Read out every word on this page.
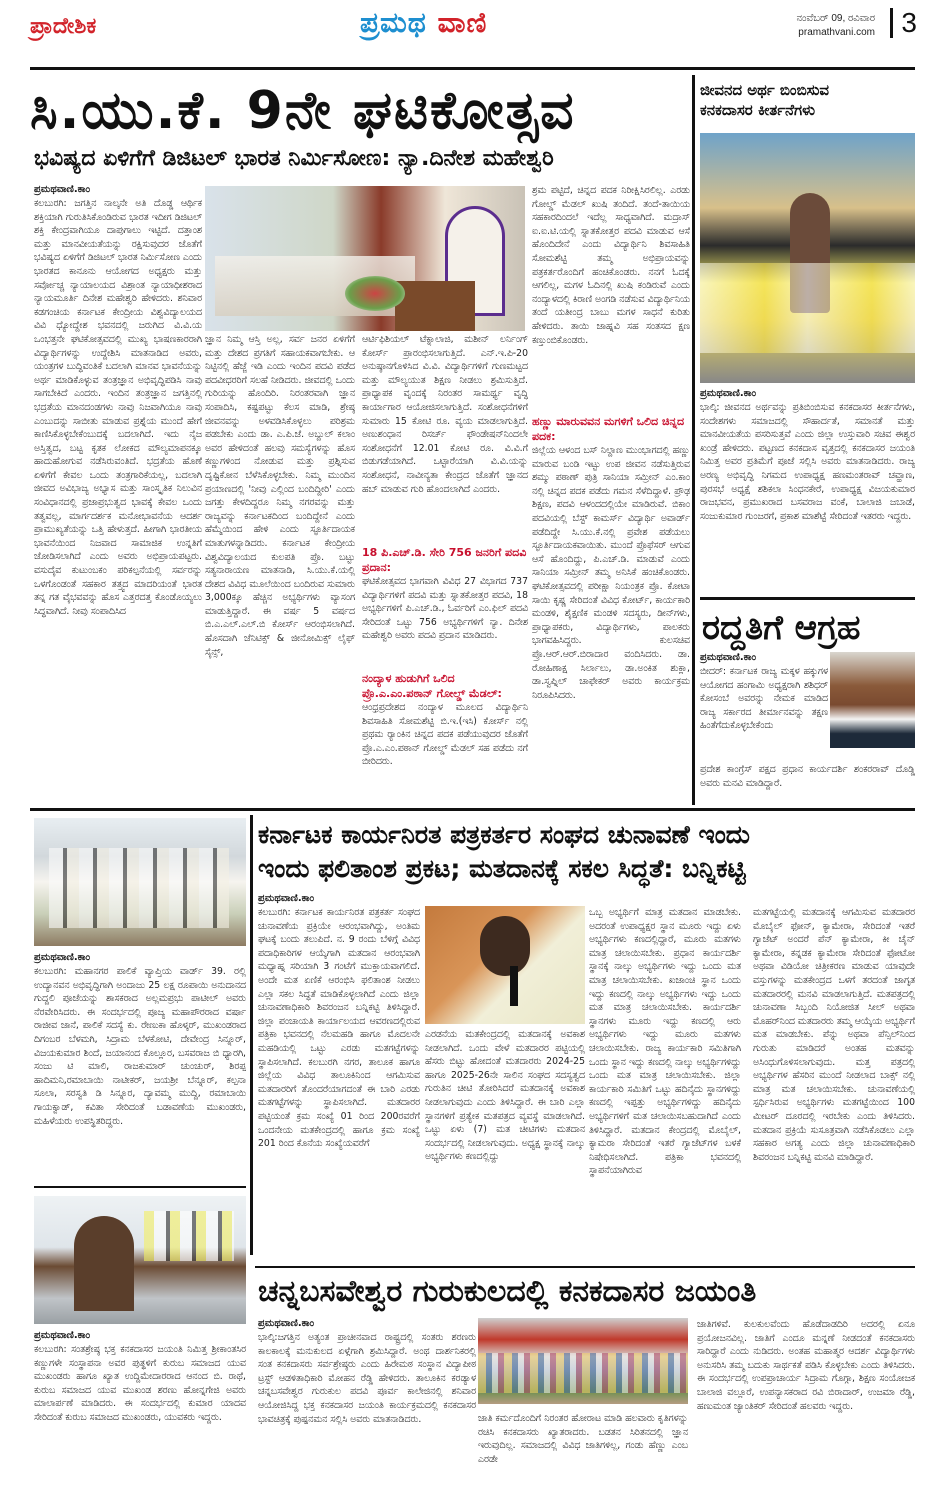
ಪ್ರಾದೇಶಿಕ	ಪ್ರಮಥ ವಾಣಿ	ನಂವೆಬರ್ 09, ರವಿವಾರ
pramathvani.com 3
ಸಿ.ಯು.ಕೆ. 9ನೇ ಘಟಿಕೋತ್ಸವ
ಭವಿಷ್ಯದ ಏಳಿಗೆಗೆ ಡಿಜಿಟಲ್ ಭಾರತ ನಿರ್ಮಿಸೋಣ: ನ್ಯಾ.ದಿನೇಶ ಮಹೇಶ್ವರಿ
ಪ್ರಮಥವಾಣಿ.ಕಾಂ
ಕಲಬುರಗಿ: ಜಗತ್ತಿನ ನಾಲ್ಕನೇ ಅತಿ ದೊಡ್ಡ ಆರ್ಥಿಕ ಶಕ್ತಿಯಾಗಿ ಗುರುತಿಸಿಕೊಂಡಿರುವ ಭಾರತ ಇದೀಗ ಡಿಜಿಟಲ್ ಶಕ್ತಿ ಕೇಂದ್ರವಾಗಿಯೂ ದಾಪುಗಾಲು ಇಟ್ಟಿದೆ. ದತ್ತಾಂಶ ಮತ್ತು ಮಾನವೀಯತೆಯನ್ನು ರಕ್ಷಿಸುವುದರ ಜೊತೆಗೆ ಭವಿಷ್ಯದ ಏಳಿಗೆಗೆ ಡಿಜಿಟಲ್ ಭಾರತ ನಿರ್ಮಿಸೋಣ ಎಂದು ಭಾರತದ ಕಾನೂನು ಆಯೋಗದ ಅಧ್ಯಕ್ಷರು ಮತ್ತು ಸರ್ವೋಚ್ಚ ನ್ಯಾಯಾಲಯದ ವಿಶ್ರಾಂತ ನ್ಯಾಯಾಧೀಶರಾದ ನ್ಯಾಯಮೂರ್ತಿ ದಿನೇಶ ಮಹೇಶ್ವರಿ ಹೇಳಿದರು. ಶನಿವಾರ ಕಡಗಂಚಿಯ ಕರ್ನಾಟಕ ಕೇಂದ್ರೀಯ ವಿಶ್ವವಿದ್ಯಾಲಯದ ವಿವಿ ಧ್ಯೋದ್ದೇಶ ಭವನದಲ್ಲಿ ಜರುಗಿದ ವಿ.ವಿ.ಯ ಒಂಭತ್ತನೇ ಘಟಿಕೋತ್ಸವದಲ್ಲಿ ಮುಖ್ಯ ಭಾಷಣಕಾರರಾಗಿ ವಿದ್ಯಾರ್ಥಿಗಳನ್ನು ಉದ್ದೇಶಿಸಿ ಮಾತನಾಡಿದ ಅವರು, ಯಂತ್ರಗಳ ಬುದ್ಧಿವಂತಿಕೆ ಬದಲಾಗಿ ಮಾನವ ಭಾವನೆಯನ್ನು ಅರ್ಥ ಮಾಡಿಕೊಳ್ಳುವ ತಂತ್ರಜ್ಞಾನ ಅಭಿವೃದ್ಧಿಪಡಿಸಿ ನಾವು ಸಾಗಬೇಕಿದೆ ಎಂದರು. ಇಂದಿನ ತಂತ್ರಜ್ಞಾನ ಜಗತ್ತಿನಲ್ಲಿ ಭದ್ರತೆಯ ಮಾನದಂಡಗಳು ನಾವು ನಿಜವಾಗಿಯೂ ನಾವು ಎಂಬುದನ್ನು ಸಾಬೀತು ಮಾಡುವ ಪ್ರಶ್ನೆಯ ಮುಂದೆ ಹೇಗೆ ಕಾಣಿಸಿಕೊಳ್ಳಬೇಕೆಂಬುದಕ್ಕೆ ಬದಲಾಗಿದೆ. ಇದು ನೈಜ ಅಸ್ತಿತ್ವದ, ಬಟ್ಟ ಕೃತಕ ಲೋಕದ ಮೌಲ್ಯಮಾಪನಕ್ಕೂ ಹಾದುಹೋಗುವ ನಡೆಸಿರುವಂತಿದೆ. ಭದ್ರತೆಯ ಹೊಣೆ ಏಳಿಗೆಗೆ ಕೇವಲ ಒಂದು ತಂತ್ರಗಾರಿಕೆಯಲ್ಲ, ಬದಲಾಗಿ ಜೀವದ ಅವಿಭಾಜ್ಯ ಅಭ್ಯಾಸ ಮತ್ತು ಸಾಂಸ್ಕೃತಿಕ ನಿಲುವಿನ ಸಂವಿಧಾನದಲ್ಲಿ ಪ್ರಜಾಪ್ರಭುತ್ವದ ಭಾವಕ್ಕೆ ಕೇವಲ ಒಂದು ತತ್ವವಲ್ಲ, ಮಾರ್ಗದರ್ಶಕ ಮನೋಭಾವನೆಯ ಆದರ್ಶ ಪ್ರಾಮುಖ್ಯತೆಯನ್ನು ಒತ್ತಿ ಹೇಳುತ್ತದೆ. ಹೀಗಾಗಿ ಭಾರತೀಯ ಭಾವನೆಯಿಂದ ನಿಜವಾದ ಸಾಮಾಜಿಕ ಉನ್ನತಿಗೆ ಜೋಡಿಸಲಾಗಿದೆ ಎಂದು ಅವರು ಅಭಿಪ್ರಾಯಪಟ್ಟರು. ವಸುದೈವ ಕುಟುಂಬಕಂ ಪರಿಕಲ್ಪನೆಯಲ್ಲಿ ಸರ್ವರನ್ನು ಒಳಗೊಂಡಂತೆ ಸಹಕಾರ ತತ್ತ್ವದ ಮಾದರಿಯಂತೆ ಭಾರತ ತನ್ನ ಗತ ವೈಭವವನ್ನು ಹೊಸ ಎತ್ತರದತ್ತ ಕೊಂಡೊಯ್ಯಲು ಸಿದ್ಧವಾಗಿದೆ. ನೀವು ಸಂಪಾದಿಸಿದ
ಜ್ಞಾನ ನಿಮ್ಮ ಆಸ್ತಿ ಅಲ್ಲ, ಸರ್ವ ಜನರ ಏಳಿಗೆಗೆ ಮತ್ತು ದೇಶದ ಪ್ರಗತಿಗೆ ಸಹಾಯಕವಾಗಬೇಕು. ಆ ನಿಟ್ಟಿನಲ್ಲಿ ಹೆಜ್ಜೆ ಇಡಿ ಎಂದು ಇಂದಿನ ಪದವಿ ಪಡೆದ ಪದವೀಧರರಿಗೆ ಸಲಹೆ ನೀಡಿದರು. ಜೀವದಲ್ಲಿ ಒಂದು ಗುರಿಯನ್ನು ಹೊಂದಿರಿ. ನಿರಂತರವಾಗಿ ಜ್ಞಾನ ಸಂಪಾದಿಸಿ, ಕಷ್ಟಪಟ್ಟು ಕೆಲಸ ಮಾಡಿ, ಶ್ರೇಷ್ಠ ಜೀವನವನ್ನು ಅಳವಡಿಸಿಕೊಳ್ಳಲು ಪರಿಶ್ರಮ ಪಡಬೇಕು ಎಂದು ಡಾ. ಎ.ಪಿ.ಜೆ. ಅಬ್ದುಲ್ ಕಲಾಂ ಅವರ ಹೇಳಿದಂತೆ ಹಲವು ಸಮಸ್ಯೆಗಳನ್ನು ಹೊಸ ಕಣ್ಣುಗಳಿಂದ ನೋಡುವ ಮತ್ತು ಪ್ರಶ್ನಿಸುವ ದೃಷ್ಟಿಕೋನ ಬೆಳೆಸಿಕೊಳ್ಳಬೇಕು. ನಿಮ್ಮ ಮುಂದಿನ ಪ್ರಯಾಣದಲ್ಲಿ 'ನೀವು ಎಲ್ಲಿಂದ ಬಂದಿದ್ದೀರಿ' ಎಂದು ಜಗತ್ತು ಕೇಳದಿದ್ದರೂ ನಿಮ್ಮ ನಗರವನ್ನು ಮತ್ತು ರಾಜ್ಯವನ್ನು ಕರ್ನಾಟಕದಿಂದ ಬಂದಿದ್ದೇನೆ ಎಂದು ಹೆಮ್ಮೆಯಿಂದ ಹೇಳಿ ಎಂದು ಸ್ಫೂರ್ತಿದಾಯಕ ಮಾತುಗಳನ್ನಾಡಿದರು. ಕರ್ನಾಟಕ ಕೇಂದ್ರೀಯ ವಿಶ್ವವಿದ್ಯಾಲಯದ ಕುಲಪತಿ ಪ್ರೊ. ಬಟ್ಟು ಸತ್ಯನಾರಾಯಣ ಮಾತನಾಡಿ, ಸಿ.ಯು.ಕೆ.ಯಲ್ಲಿ ದೇಶದ ವಿವಿಧ ಮೂಲೆಯಿಂದ ಬಂದಿರುವ ಸುಮಾರು 3,000ಕ್ಕೂ ಹೆಚ್ಚಿನ ಅಭ್ಯರ್ಥಿಗಳು ವ್ಯಾಸಂಗ ಮಾಡುತ್ತಿದ್ದಾರೆ. ಈ ವರ್ಷ 5 ವರ್ಷದ ಬಿ.ಎ.ಎಲ್.ಎಲ್.ಬಿ ಕೋರ್ಸ್ ಆರಂಭಿಸಲಾಗಿದೆ. ಹೊಸದಾಗಿ ಜೆನಿಟಿಕ್ಸ್ & ಜೀನೋಮಿಕ್ಸ್ ಲೈಫ್ ಸೈನ್ಸ್,
ಆರ್ಟಿಫಿಶಿಯಲ್ ಟೆಕ್ನಾಲಾಜಿ, ಮಶೀನ್ ಲರ್ನಿಂಗ್ ಕೋರ್ಸ್ ಪ್ರಾರಂಭಿಸಲಾಗುತ್ತಿದೆ. ಎನ್.ಇ.ಪಿ-20 ಅನುಷ್ಠಾನಗೊಳಿಸಿದ ವಿ.ವಿ. ವಿದ್ಯಾರ್ಥಿಗಳಿಗೆ ಗುಣಮಟ್ಟದ ಮತ್ತು ಮೌಲ್ಯಯುತ ಶಿಕ್ಷಣ ನೀಡಲು ಶ್ರಮಿಸುತ್ತಿದೆ. ಪ್ರಾಧ್ಯಾಪಕ ವೃಂದಕ್ಕೆ ನಿರಂತರ ಸಾಮರ್ಥ್ಯ ವೃದ್ಧಿ ಕಾರ್ಯಾಗಾರ ಆಯೋಜಿಸಲಾಗುತ್ತಿದೆ. ಸಂಶೋಧನೆಗಳಿಗೆ ಸುಮಾರು 15 ಕೋಟಿ ರೂ. ವ್ಯಯ ಮಾಡಲಾಗುತ್ತಿದೆ. ಅಣುಶಂಧಾನ ರಿಸರ್ಚ್ ಫೌಂಡೇಷನ್‌ನಿಂದಲೇ ಸಂಶೋಧನೆಗೆ 12.01 ಕೋಟಿ ರೂ. ವಿ.ವಿ.ಗೆ ಬಿಡುಗಡೆಯಾಗಿದೆ. ಒಟ್ಟಾರೆಯಾಗಿ ವಿ.ವಿ.ಯನ್ನು ಸಂಶೋಧನೆ, ನಾವೀನ್ಯತಾ ಕೇಂದ್ರದ ಜೊತೆಗೆ ಜ್ಞಾನದ ಹಬ್ ಮಾಡುವ ಗುರಿ ಹೊಂದಲಾಗಿದೆ ಎಂದರು.
18 ಪಿ.ಎಚ್.ಡಿ. ಸೇರಿ 756 ಜನರಿಗೆ ಪದವಿ ಪ್ರದಾನ:
ಘಟಿಕೋತ್ಸವದ ಭಾಗವಾಗಿ ವಿವಿಧ 27 ವಿಭಾಗದ 737 ವಿದ್ಯಾರ್ಥಿಗಳಿಗೆ ಪದವಿ ಮತ್ತು ಸ್ನಾತಕೋತ್ತರ ಪದವಿ, 18 ಅಭ್ಯರ್ಥಿಗಳಿಗೆ ಪಿ.ಎಚ್.ಡಿ., ಓರ್ವರಿಗೆ ಎಂ.ಫಿಲ್ ಪದವಿ ಸೇರಿದಂತೆ ಒಟ್ಟು 756 ಅಭ್ಯರ್ಥಿಗಳಿಗೆ ನ್ಯಾ. ದಿನೇಶ ಮಹೇಶ್ವರಿ ಅವರು ಪದವಿ ಪ್ರದಾನ ಮಾಡಿದರು.
ನಂದ್ಯಾಳ ಹುಡುಗಿಗೆ ಒಲಿದ ಪ್ರೊ.ಎ.ಎಂ.ಪಠಾನ್ ಗೋಲ್ಡ್ ಮೆಡಲ್:
ಆಂಧ್ರಪ್ರದೇಶದ ನಂದ್ಯಾಳ ಮೂಲದ ವಿದ್ಯಾರ್ಥಿನಿ ಶಿವಸಾಹಿತಿ ಸೋಮಶೆಟ್ಟಿ ಬಿ.ಇ.(ಇಸಿ) ಕೋರ್ಸ್ ನಲ್ಲಿ ಪ್ರಥಮ ರ್‍ಯಾಂಕಿನ ಚಿನ್ನದ ಪದಕ ಪಡೆಯುವುದರ ಜೊತೆಗೆ ಪ್ರೊ.ಎ.ಎಂ.ಪಠಾನ್ ಗೋಲ್ಡ್ ಮೆಡಲ್ ಸಹ ಪಡೆದು ನಗೆ ಬೀರಿದರು.
ಶ್ರಮ ಪಟ್ಟಿದೆ, ಚಿನ್ನದ ಪದಕ ನಿರೀಕ್ಷಿಸಿರಲಿಲ್ಲ. ಎರಡು ಗೋಲ್ಡ್ ಮೆಡಲ್ ಖುಷಿ ತಂದಿದೆ. ತಂದೆ-ತಾಯಿಯ ಸಹಕಾರದಿಂದಲೆ ಇದೆಲ್ಲ ಸಾಧ್ಯವಾಗಿದೆ. ಮದ್ರಾಸ್ ಐ.ಐ.ಟಿ.ಯಲ್ಲಿ ಸ್ನಾತಕೋತ್ತರ ಪದವಿ ಮಾಡುವ ಆಸೆ ಹೊಂದಿದೇನೆ ಎಂದು ವಿದ್ಯಾರ್ಥಿನಿ ಶಿವಸಾಹಿತಿ ಸೋಮಶೆಟ್ಟಿ ತಮ್ಮ ಅಭಿಪ್ರಾಯವನ್ನು ಪತ್ರಕರ್ತರೊಂದಿಗೆ ಹಂಚಿಕೊಂಡರು. ನನಗೆ ಓದಕ್ಕೆ ಆಗಲಿಲ್ಲ, ಮಗಳ ಓದಿನಲ್ಲಿ ಖುಷಿ ಕಂಡಿರುವೆ ಎಂದು ನಂದ್ಯಾಳದಲ್ಲಿ ಕಿರಾಣಿ ಅಂಗಡಿ ನಡೆಸುವ ವಿದ್ಯಾರ್ಥಿನಿಯ ತಂದೆ ಯತೀಂದ್ರ ಬಾಬು ಮಗಳ ಸಾಧನೆ ಕುರಿತು ಹೇಳಿದರು. ತಾಯಿ ಜಾಹ್ನವಿ ಸಹ ಸಂತಸದ ಕ್ಷಣ ಕಣ್ತುಂಬಿಕೊಂಡರು.
ಹಣ್ಣು ಮಾರುವವನ ಮಗಳಿಗೆ ಒಲಿದ ಚಿನ್ನದ ಪದಕ:
ಜಿಲ್ಲೆಯ ಆಳಂದ ಬಸ್ ನಿಲ್ದಾಣ ಮುಂಭಾಗದಲ್ಲಿ ಹಣ್ಣು ಮಾರುವ ಬಂಡಿ ಇಟ್ಟು ಉಪ ಜೀವನ ನಡೆಸುತ್ತಿರುವ ಶಮ್ಮು ಪಠಾಣ್ ಪುತ್ರಿ ಸಾನಿಯಾ ಸಮ್ರೀನ್ ಎಂ.ಕಾಂ ನಲ್ಲಿ ಚಿನ್ನದ ಪದಕ ಪಡೆದು ಗಮನ ಸೆಳೆದಿದ್ದಾಳೆ. ಪ್ರೌಢ ಶಿಕ್ಷಣ, ಪದವಿ ಆಳಂದದಲ್ಲಿಯೇ ಮಾಡಿರುವೆ. ಬಿಕಾಂ ಪದವಿಯಲ್ಲಿ ಬೆಸ್ಟ್ ಕಾಮರ್ಸ್ ವಿದ್ಯಾರ್ಥಿ ಅವಾರ್ಡ್ ಪಡೆದಿದ್ದೇ ಸಿ.ಯು.ಕೆ.ನಲ್ಲಿ ಪ್ರವೇಶ ಪಡೆಯಲು ಸ್ಫೂರ್ತಿದಾಯಕವಾಯಿತು. ಮುಂದೆ ಪ್ರೊಫೆಸರ್ ಆಗುವ ಆಸೆ ಹೊಂದಿದ್ದು, ಪಿ.ಎಚ್.ಡಿ. ಮಾಡುವೆ ಎಂದು ಸಾನಿಯಾ ಸಮ್ರೀನ್ ತಮ್ಮ ಅನಿಸಿಕೆ ಹಂಚಿಕೊಂಡರು. ಘಟಿಕೋತ್ಸವದಲ್ಲಿ ಪರೀಕ್ಷಾ ನಿಯಂತ್ರಕ ಪ್ರೊ. ಕೋಟಾ ಸಾಯಿ ಕೃಷ್ಣ ಸೇರಿದಂತೆ ವಿವಿಧ ಕೋರ್ಟ್, ಕಾರ್ಯಕಾರಿ ಮಂಡಳಿ, ಶೈಕ್ಷಣಿಕ ಮಂಡಳಿ ಸದಸ್ಯರು, ಡೀನ್‌ಗಳು, ಪ್ರಾಧ್ಯಾಪಕರು, ವಿದ್ಯಾರ್ಥಿಗಳು, ಪಾಲಕರು ಭಾಗವಹಿಸಿದ್ದರು. ಕುಲಸಚಿವ ಪ್ರೊ.ಆರ್.ಆರ್.ಬಿರಾದಾರ ವಂದಿಸಿದರು. ಡಾ. ರೋಹಿಣಾಕ್ಷ ಸಿರ್ಲಾಲು, ಡಾ.ಅಂಕಿತ ಶುಕ್ಲಾ, ಡಾ.ಸ್ವಪ್ನಿಲ್ ಚಾಫೇಕರ್ ಅವರು ಕಾರ್ಯಕ್ರಮ ನಿರೂಪಿಸಿದರು.
ಜೀವನದ ಅರ್ಥ ಬಿಂಬಿಸುವ
ಕನಕದಾಸರ ಕೀರ್ತನೆಗಳು
ಪ್ರಮಥವಾಣಿ.ಕಾಂ
ಭಾಲ್ಕಿ: ಜೀವನದ ಅರ್ಥವನ್ನು ಪ್ರತಿಬಿಂಬಿಸುವ ಕನಕದಾಸರ ಕೀರ್ತನೆಗಳು, ಸಂದೇಶಗಳು ಸಮಾಜದಲ್ಲಿ ಸೌಹಾರ್ದತೆ, ಸಮಾನತೆ ಮತ್ತು ಮಾನವೀಯತೆಯ ಪಸರಿಸುತ್ತವೆ ಎಂದು ಜಿಲ್ಲಾ ಉಸ್ತುವಾರಿ ಸಚಿವ ಈಶ್ವರ ಖಂಡ್ರೆ ಹೇಳಿದರು. ಪಟ್ಟಣದ ಕನಕದಾಸ ವೃತ್ತದಲ್ಲಿ ಕನಕದಾಸರ ಜಯಂತಿ ನಿಮಿತ್ತ ಅವರ ಪ್ರತಿಮೆಗೆ ಪೂಜೆ ಸಲ್ಲಿಸಿ ಅವರು ಮಾತನಾಡಿದರು. ರಾಜ್ಯ ಅರಣ್ಯ ಅಭಿವೃದ್ಧಿ ನಿಗಮದ ಉಪಾಧ್ಯಕ್ಷ ಹಣಮಂತರಾವ್ ಚವ್ಹಾಣ, ಪುರಸಭೆ ಅಧ್ಯಕ್ಷೆ ಶಶಿಕಲಾ ಸಿಂಧನಕೇರೆ, ಉಪಾಧ್ಯಕ್ಷ ವಿಜಯಕುಮಾರ ರಾಜಭವನ, ಪ್ರಮುಖರಾದ ಬಸವರಾಜ ವಂಕೆ, ಬಾಲಾಜಿ ಜಬಾಡೆ, ಸಂಜುಕುಮಾರ ಗುಂಜರಗೆ, ಪ್ರಕಾಶ ಮಾಶೆಟ್ಟೆ ಸೇರಿದಂತೆ ಇತರರು ಇದ್ದರು.
ರದ್ದತಿಗೆ ಆಗ್ರಹ
ಪ್ರಮಥವಾಣಿ.ಕಾಂ
ಬೀದರ್: ಕರ್ನಾಟಕ ರಾಜ್ಯ ಮಕ್ಕಳ ಹಕ್ಕುಗಳ ಆಯೋಗದ ಹಂಗಾಮಿ ಅಧ್ಯಕ್ಷರಾಗಿ ಶಶಿಧರ್ ಕೋಸಂಬೆ ಅವರನ್ನು ನೇಮಕ ಮಾಡಿದ ರಾಜ್ಯ ಸರ್ಕಾರದ ತೀರ್ಮಾನವನ್ನು ತಕ್ಷಣ ಹಿಂತೆಗೆದುಕೊಳ್ಳಬೇಕೆಂದು
ಪ್ರದೇಶ ಕಾಂಗ್ರೆಸ್ ಪಕ್ಷದ ಪ್ರಧಾನ ಕಾರ್ಯದರ್ಶಿ ಶಂಕರರಾವ್ ದೊಡ್ಡಿ ಅವರು ಮನವಿ ಮಾಡಿದ್ದಾರೆ.
ಪ್ರಮಥವಾಣಿ.ಕಾಂ
ಕಲಬುರಗಿ: ಮಹಾನಗರ ಪಾಲಿಕೆ ವ್ಯಾಪ್ತಿಯ ವಾರ್ಡ್ 39. ರಲ್ಲಿ ಉದ್ಯಾನವನ ಅಭಿವೃದ್ಧಿಗಾಗಿ ಅಂದಾಜು 25 ಲಕ್ಷ ರೂಪಾಯಿ ಅನುದಾನದ ಗುದ್ದಲಿ ಪೂಜೆಯನ್ನು ಶಾಸಕರಾದ ಅಲ್ಲಮಪ್ರಭು ಪಾಟೀಲ್ ಅವರು ನೆರವೇರಿಸಿದರು. ಈ ಸಂದರ್ಭದಲ್ಲಿ ಪೂಜ್ಯ ಮಹಾಪೌರರಾದ ವರ್ಷಾ ರಾಜೀವ ಜಾನೆ, ಪಾಲಿಕೆ ಸದಸ್ಯೆ ಕು. ರೇಣುಕಾ ಹೊಳ್ಕರ್, ಮುಖಂಡರಾದ ದಿಗಂಬರ ಬೆಳಮಗಿ, ಸಿದ್ರಾಮ ಬೆಳಕೋಟಿ, ದೇವೇಂದ್ರ ಸಿನ್ನೂರ್, ವಿಜಯಕುಮಾರ ಶಿಂದೆ, ಜಯಾನಂದ ಕೊಲ್ಲೂರ, ಬಸವರಾಜ ಬಿ ಧ್ಯಾರಗಿ, ಸಂಜು ಟಿ ಮಾಲಿ, ರಾಜಕುಮಾರ್ ಚುಂಚುರ್, ಶಿರಪ್ಪ ಹಾದಿಮನಿ,ರಮಾಬಾಯಿ ನಾಟೀಕರ್, ಜಯಶ್ರೀ ಬೆನ್ನೂರ್, ಕಲ್ಪನಾ ಸೂಲಾ, ಸರಸ್ವತಿ ಡಿ ಸಿನ್ನೂರ, ದ್ಯಾವಮ್ಮ ಮುದ್ದಿ, ರಮಾಬಾಯಿ ಗಾಯಕ್ವಾಡ್, ಕವಿತಾ ಸೇರಿದಂತೆ ಬಡಾವಣೆಯ ಮುಖಂಡರು, ಮಹಿಳೆಯರು ಉಪಸ್ಥಿತರಿದ್ದರು.
ಪ್ರಮಥವಾಣಿ.ಕಾಂ
ಕಲಬುರಗಿ: ಸಂತಶ್ರೇಷ್ಠ ಭಕ್ತ ಕನಕದಾಸರ ಜಯಂತಿ ನಿಮಿತ್ತ ಶ್ರೀಕಾಂತಸಿರ ಕಣ್ಣುಗಳೇ ಸಂಸ್ಥಾಪನಾ ಅವರ ಪುತ್ಥಳಿಗೆ ಕುರುಬ ಸಮಾಜದ ಯುವ ಮುಖಂಡರು ಹಾಗೂ ಖ್ಯಾತ ಉದ್ದಿಮೇದಾರರಾದ ಆನಂದ ಬಿ. ರಾಥೆ, ಕುರುಬ ಸಮಾಜದ ಯುವ ಮುಖಂಡ ಶರಣು ಹೋನ್ನಗೇಜಿ ಅವರು ಮಾಲಾರ್ಪಣೆ ಮಾಡಿದರು. ಈ ಸಂದರ್ಭದಲ್ಲಿ ಕುಮಾರ ಯಾದವ ಸೇರಿದಂತೆ ಕುರುಬ ಸಮಾಜದ ಮುಖಂಡರು, ಯುವಕರು ಇದ್ದರು.
ಕರ್ನಾಟಕ ಕಾರ್ಯನಿರತ ಪತ್ರಕರ್ತರ ಸಂಘದ ಚುನಾವಣೆ ಇಂದು
ಇಂದು ಫಲಿತಾಂಶ ಪ್ರಕಟ; ಮತದಾನಕ್ಕೆ ಸಕಲ ಸಿದ್ಧತೆ: ಬನ್ನಿಕಟ್ಟಿ
ಪ್ರಮಥವಾಣಿ.ಕಾಂ
ಕಲಬುರಗಿ: ಕರ್ನಾಟಕ ಕಾರ್ಯನಿರತ ಪತ್ರಕರ್ತ ಸಂಘದ ಚುನಾವಣೆಯ ಪ್ರಕ್ರಿಯೇ ಆರಂಭವಾಗಿದ್ದು, ಅಂತಿಮ ಘಟಕ್ಕೆ ಬಂದು ತಲುಪಿದೆ. ನ. 9 ರಂದು ಬೆಳಿಗ್ಗೆ ವಿವಿಧ ಪದಾಧಿಕಾರಿಗಳ ಆಯ್ಕೆಗಾಗಿ ಮತದಾನ ಆರಂಭವಾಗಿ ಮಧ್ಯಾಹ್ನ ಸರಿಯಾಗಿ 3 ಗಂಟೆಗೆ ಮುಕ್ತಾಯವಾಗಲಿದೆ. ಅಂದೇ ಮತ ಏಣಿಕೆ ಆರಂಭಿಸಿ ಫಲಿತಾಂಶ ನೀಡಲು ಎಲ್ಲಾ ಸಕಲ ಸಿದ್ಧತೆ ಮಾಡಿಕೊಳ್ಳಲಾಗಿದೆ ಎಂದು ಜಿಲ್ಲಾ ಚುನಾವಣಾಧಿಕಾರಿ ಶಿವರಂಜನ ಬನ್ನಿಕಟ್ಟಿ ತಿಳಿಸಿದ್ದಾರೆ. ಜಿಲ್ಲಾ ಪಂಚಾಯತಿ ಕಾರ್ಯಾಲಯದ ಆವರಣದಲ್ಲಿರುವ ಪತ್ರಿಕಾ ಭವನದಲ್ಲಿ ನೆಲಮಹಡಿ ಹಾಗೂ ಮೊದಲನೇ ಮಹಡಿಯಲ್ಲಿ ಒಟ್ಟು ಎರಡು ಮತಗಟ್ಟೆಗಳನ್ನು ಸ್ಥಾಪಿಸಲಾಗಿದೆ. ಕಲಬುರಗಿ ನಗರ, ತಾಲೂಕ ಹಾಗೂ ಜಿಲ್ಲೆಯ ವಿವಿಧ ತಾಲೂಕಿನಿಂದ ಆಗಮಿಸುವ ಮತದಾರರಿಗೆ ತೊಂದರೆಯಾಗದಂತೆ ಈ ಬಾರಿ ಎರಡು ಮತಗಟ್ಟೆಗಳನ್ನು ಸ್ಥಾಪಿಸಲಾಗಿದೆ. ಮತದಾರರ ಪಟ್ಟಿಯಂತೆ ಕ್ರಮ ಸಂಖ್ಯೆ 01 ರಿಂದ 200ರವರೆಗೆ ಒಂದನೇಯ ಮತಕೇಂದ್ರದಲ್ಲಿ ಹಾಗೂ ಕ್ರಮ ಸಂಖ್ಯೆ 201 ರಿಂದ ಕೊನೆಯ ಸಂಖ್ಯೆಯವರೆಗೆ
ಎರಡನೆಯ ಮತಕೇಂದ್ರದಲ್ಲಿ ಮತದಾನಕ್ಕೆ ಅವಕಾಶ ನೀಡಲಾಗಿದೆ. ಒಂದು ವೇಳೆ ಮತದಾರರ ಪಟ್ಟಿಯಲ್ಲಿ ಹೆಸರು ಬಿಟ್ಟು ಹೋದಂತೆ ಮತದಾರರು 2024-25 ಹಾಗೂ 2025-26ನೇ ಸಾಲಿನ ಸಂಘದ ಸದಸ್ಯತ್ವದ ಗುರುತಿನ ಚೀಟಿ ತೋರಿಸಿದರೆ ಮತದಾನಕ್ಕೆ ಅವಕಾಶ ನೀಡಲಾಗುವುದು ಎಂದು ತಿಳಿಸಿದ್ದಾರೆ. ಈ ಬಾರಿ ಎಲ್ಲಾ ಸ್ಥಾನಗಳಿಗೆ ಪ್ರತ್ಯೇಕ ಮತಪತ್ರದ ವ್ಯವಸ್ಥೆ ಮಾಡಲಾಗಿದೆ. ಒಟ್ಟು ಏಳು (7) ಮತ ಚೀಟಿಗಳು ಮತದಾನ ಸಂದರ್ಭದಲ್ಲಿ ನೀಡಲಾಗುವುದು. ಅಧ್ಯಕ್ಷ ಸ್ಥಾನಕ್ಕೆ ನಾಲ್ಕು ಅಭ್ಯರ್ಥಿಗಳು ಕಣದಲ್ಲಿದ್ದು
ಒಬ್ಬ ಅಭ್ಯರ್ಥಿಗೆ ಮಾತ್ರ ಮತದಾನ ಮಾಡಬೇಕು. ಅದರಂತೆ ಉಪಾಧ್ಯಕ್ಷರ ಸ್ಥಾನ ಮೂರು ಇದ್ದು ಏಳು ಅಭ್ಯರ್ಥಿಗಳು ಕಣದಲ್ಲಿದ್ದಾರೆ, ಮೂರು ಮತಗಳು ಮಾತ್ರ ಚಲಾಯಿಸಬೇಕು. ಪ್ರಧಾನ ಕಾರ್ಯದರ್ಶಿ ಸ್ಥಾನಕ್ಕೆ ನಾಲ್ಕು ಅಭ್ಯರ್ಥಿಗಳು ಇದ್ದು ಒಂದು ಮತ ಮಾತ್ರ ಚಲಾಯಿಸಬೇಕು. ಖಜಾಂಚಿ ಸ್ಥಾನ ಒಂದು ಇದ್ದು ಕಣದಲ್ಲಿ ನಾಲ್ಕು ಅಭ್ಯರ್ಥಿಗಳು ಇದ್ದು ಒಂದು ಮತ ಮಾತ್ರ ಚಲಾಯಿಸಬೇಕು. ಕಾರ್ಯದರ್ಶಿ ಸ್ಥಾನಗಳು ಮೂರು ಇದ್ದು ಕಣದಲ್ಲಿ ಆರು ಅಭ್ಯರ್ಥಿಗಳು ಇದ್ದು ಮೂರು ಮತಗಳು ಚಲಾಯಿಸಬೇಕು. ರಾಜ್ಯ ಕಾರ್ಯಕಾರಿ ಸಮಿತಿಗಾಗಿ ಒಂದು ಸ್ಥಾನ ಇದ್ದು ಕಣದಲ್ಲಿ ನಾಲ್ಕು ಅಭ್ಯರ್ಥಿಗಳಿದ್ದು ಒಂದು ಮತ ಮಾತ್ರ ಚಲಾಯಿಸಬೇಕು. ಜಿಲ್ಲಾ ಕಾರ್ಯಕಾರಿ ಸಮಿತಿಗೆ ಒಟ್ಟು ಹದಿನೈದು ಸ್ಥಾನಗಳಿದ್ದು ಕಣದಲ್ಲಿ ಇಪ್ಪತ್ತು ಅಭ್ಯರ್ಥಿಗಳಿದ್ದು ಹದಿನೈದು ಅಭ್ಯರ್ಥಿಗಳಿಗೆ ಮತ ಚಲಾಯಿಸಬಹುದಾಗಿದೆ ಎಂದು ತಿಳಿಸಿದ್ದಾರೆ. ಮತದಾನ ಕೇಂದ್ರದಲ್ಲಿ ಮೊಬೈಲ್, ಕ್ಯಾಮರಾ ಸೇರಿದಂತೆ ಇತರೆ ಗ್ಯಾಜೆಟ್‌ಗಳ ಬಳಕೆ ನಿಷೇಧಿಸಲಾಗಿದೆ. ಪತ್ರಿಕಾ ಭವನದಲ್ಲಿ ಸ್ಥಾಪನೆಯಾಗಿರುವ
ಮತಗಟ್ಟೆಯಲ್ಲಿ ಮತದಾನಕ್ಕೆ ಆಗಮಿಸುವ ಮತದಾರರ ಮೊಬೈಲ್ ಫೋನ್, ಕ್ಯಾಮೇರಾ, ಸೇರಿದಂತೆ ಇತರೆ ಗ್ಯಾಜೆಟ್ ಅಂದರೆ ಪೆನ್ ಕ್ಯಾಮೇರಾ, ಕೀ ಚೈನ್ ಕ್ಯಾಮೇರಾ, ಕನ್ನಡಕ ಕ್ಯಾಮೇರಾ ಸೇರಿದಂತೆ ಫೋಟೋ ಅಥವಾ ವಿಡಿಯೋ ಚಿತ್ರೀಕರಣ ಮಾಡುವ ಯಾವುದೇ ವಸ್ತುಗಳನ್ನು ಮತಕೇಂದ್ರದ ಒಳಗೆ ತರದಂತೆ ಜಾಗೃತ ಮತದಾರರಲ್ಲಿ ಮನವಿ ಮಾಡಲಾಗುತ್ತಿದೆ. ಮತಪತ್ರದಲ್ಲಿ ಚುನಾವಣಾ ಸಿಬ್ಬಂದಿ ನಿಯೋಜಿತ ಸೀಲ್ ಅಥವಾ ಮೊಹರ್‌ನಿಂದ ಮತದಾರರು ತಮ್ಮ ಆಯ್ಕೆಯ ಅಭ್ಯರ್ಥಿಗೆ ಮತ ಮಾಡಬೇಕು. ಪೆನ್ನು ಅಥವಾ ಪೆನ್ಸಿಲ್‌ನಿಂದ ಗುರುತು ಮಾಡಿದರೆ ಅಂತಹ ಮತವನ್ನು ಅಸಿಂಧುಗೊಳಿಸಲಾಗುವುದು. ಮತ್ತ ಪತ್ರದಲ್ಲಿ ಅಭ್ಯರ್ಥಿಗಳ ಹೆಸರಿನ ಮುಂದೆ ನೀಡಲಾದ ಬಾಕ್ಸ್ ನಲ್ಲಿ ಮಾತ್ರ ಮತ ಚಲಾಯಿಸಬೇಕು. ಚುನಾವಣೆಯಲ್ಲಿ ಸ್ಪರ್ಧಿಸಿರುವ ಅಭ್ಯರ್ಥಿಗಳು ಮತಗಟ್ಟೆಯಿಂದ 100 ಮೀಟರ್ ದೂರದಲ್ಲಿ ಇರಬೇಕು ಎಂದು ತಿಳಿಸಿದರು. ಮತದಾನ ಪ್ರಕ್ರಿಯೆ ಸುಸೂತ್ರವಾಗಿ ನಡೆಸಿಕೊಡಲು ಎಲ್ಲಾ ಸಹಕಾರ ಅಗತ್ಯ ಎಂದು ಜಿಲ್ಲಾ ಚುನಾವಣಾಧಿಕಾರಿ ಶಿವರಂಜನ ಬನ್ನಿಕಟ್ಟಿ ಮನವಿ ಮಾಡಿದ್ದಾರೆ.
ಚನ್ನಬಸವೇಶ್ವರ ಗುರುಕುಲದಲ್ಲಿ ಕನಕದಾಸರ ಜಯಂತಿ
ಪ್ರಮಥವಾಣಿ.ಕಾಂ
ಭಾಲ್ಕಿ:ಜಗತ್ತಿನ ಅತ್ಯಂತ ಪ್ರಾಚೀನವಾದ ರಾಷ್ಟ್ರದಲ್ಲಿ ಸಂತರು ಶರಣರು ಕಾಲಕಾಲಕ್ಕೆ ಮನುಕುಲದ ಏಳ್ಗೆಗಾಗಿ ಶ್ರಮಿಸಿದ್ದಾರೆ. ಅಂಥ ದಾರ್ಶನಿಕರಲ್ಲಿ ಸಂತ ಕನಕದಾಸರು ಸರ್ವಶ್ರೇಷ್ಠರು ಎಂದು ಹಿರೇಮಠ ಸಂಸ್ಥಾನ ವಿದ್ಯಾಪೀಠ ಟ್ರಸ್ಟ್ ಆಡಳಿತಾಧಿಕಾರಿ ಮೋಹನ ರೆಡ್ಡಿ ಹೇಳಿದರು. ತಾಲೂಕಿನ ಕರಡ್ಯಾಳ ಚನ್ನಬಸವೇಶ್ವರ ಗುರುಕುಲ ಪದವಿ ಪೂರ್ವ ಕಾಲೇಜಿನಲ್ಲಿ ಶನಿವಾರ ಆಯೋಜಿಸಿದ್ದ ಭಕ್ತ ಕನಕದಾಸರ ಜಯಂತಿ ಕಾರ್ಯಕ್ರಮದಲ್ಲಿ ಕನಕದಾಸರ ಭಾವಚಿತ್ರಕ್ಕೆ ಪುಷ್ಪನಮನ ಸಲ್ಲಿಸಿ ಅವರು ಮಾತನಾಡಿದರು.	ಜಾತಿ ಕರ್ಮದೊಂದಿಗೆ ನಿರಂತರ ಹೋರಾಟ ಮಾಡಿ ಹಲವಾರು ಕೃತಿಗಳನ್ನು ರಚಿಸಿ ಕನಕದಾಸರು ಖ್ಯಾತರಾದರು. ಬಡತನ ಸಿರಿತನದಲ್ಲಿ ಜ್ಞಾನ ಇರುವುದಿಲ್ಲ. ಸಮಾಜದಲ್ಲಿ ವಿವಿಧ ಜಾತಿಗಳಿಲ್ಲ, ಗಂಡು ಹೆಣ್ಣು ಎಂಬ ಎರಡೇ
ಜಾತಿಗಳಿವೆ. ಕುಲಕುಲವೆಂದು ಹೊಡೆದಾಡದಿರಿ ಅದರಲ್ಲಿ ಏನೂ ಪ್ರಯೋಜನವಿಲ್ಲ. ಜಾತಿಗೆ ಎಂದೂ ಮನ್ನಣೆ ನೀಡದಂತೆ ಕನಕದಾಸರು ಸಾರಿದ್ದಾರೆ ಎಂದು ನುಡಿದರು. ಅಂತಹ ಮಹಾತ್ಮರ ಆದರ್ಶ ವಿದ್ಯಾರ್ಥಿಗಳು ಅನುಸರಿಸಿ ತಮ್ಮ ಬದುಕು ಸಾರ್ಥಕತೆ ಪಡಿಸಿ ಕೊಳ್ಳಬೇಕು ಎಂದು ತಿಳಿಸಿದರು. ಈ ಸಂದರ್ಭದಲ್ಲಿ ಉಪಪ್ರಾಚಾರ್ಯ ಸಿದ್ರಾಮ ಗೊಗ್ಗಾ, ಶಿಕ್ಷಣ ಸಂಯೋಜಕ ಬಾಲಾಜಿ ವಲ್ಲೂರೆ, ಉಪನ್ಯಾಸಕರಾದ ರವಿ ಬಿರಾದಾರ್, ಉಜಮಾ ರೆಡ್ಡಿ, ಹಣುಮಂತ ಜ್ಯಾಂತಿಕರ್ ಸೇರಿದಂತೆ ಹಲವರು ಇದ್ದರು.
